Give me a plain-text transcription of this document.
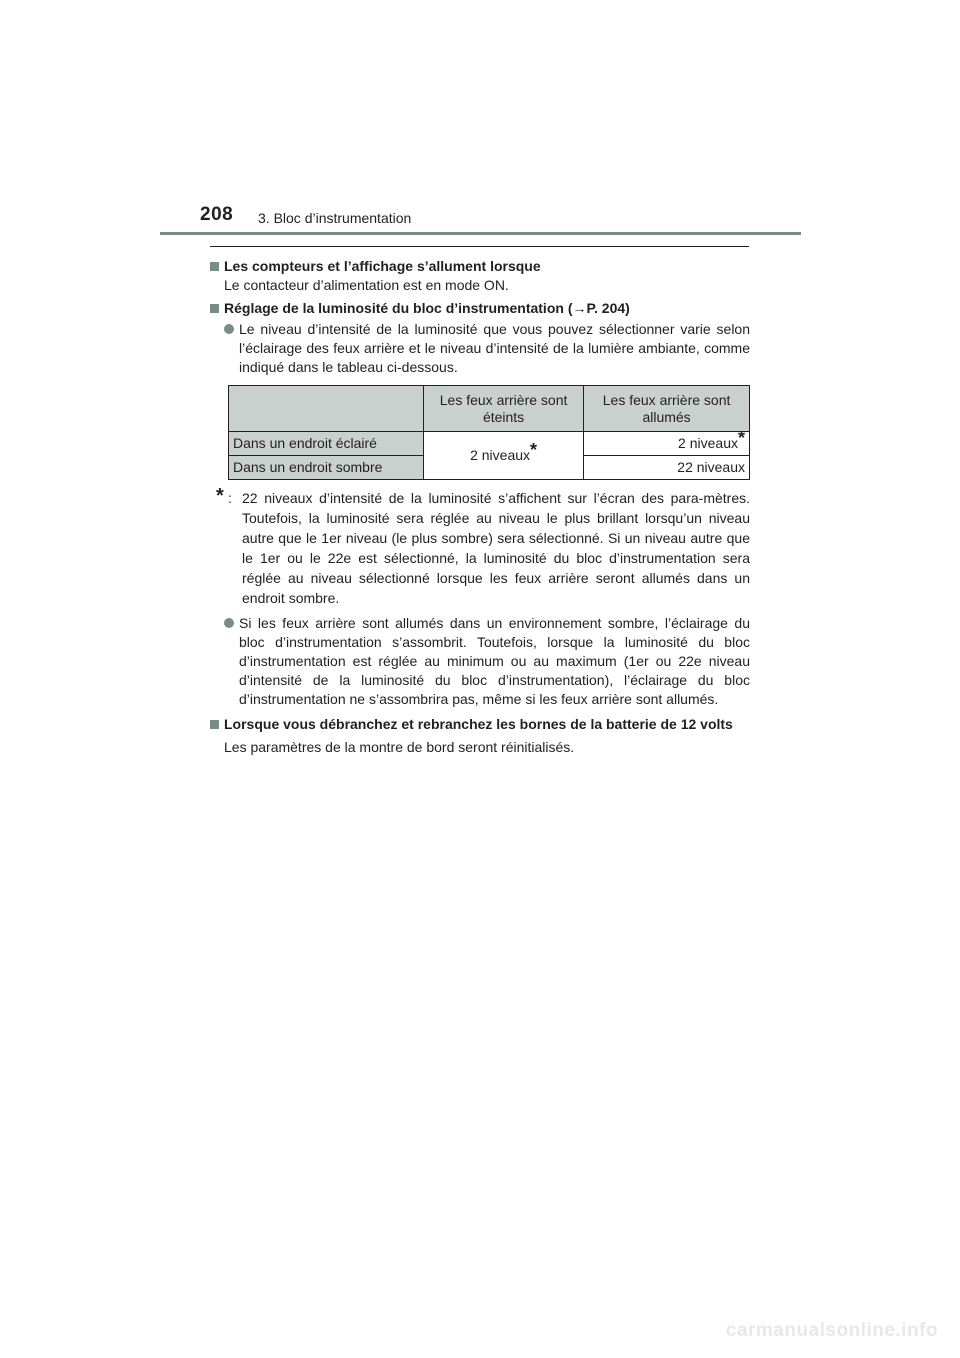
208 3. Bloc d’instrumentation
Les compteurs et l’affichage s’allument lorsque
Le contacteur d’alimentation est en mode ON.
Réglage de la luminosité du bloc d’instrumentation (→P. 204)
Le niveau d’intensité de la luminosité que vous pouvez sélectionner varie selon l’éclairage des feux arrière et le niveau d’intensité de la lumière ambiante, comme indiqué dans le tableau ci-dessous.
	Les feux arrière sont éteints	Les feux arrière sont allumés
Dans un endroit éclairé	2 niveaux*	2 niveaux*
Dans un endroit sombre		22 niveaux
* : 22 niveaux d’intensité de la luminosité s’affichent sur l’écran des para-mètres. Toutefois, la luminosité sera réglée au niveau le plus brillant lorsqu’un niveau autre que le 1er niveau (le plus sombre) sera sélectionné. Si un niveau autre que le 1er ou le 22e est sélectionné, la luminosité du bloc d’instrumentation sera réglée au niveau sélectionné lorsque les feux arrière seront allumés dans un endroit sombre.
Si les feux arrière sont allumés dans un environnement sombre, l’éclairage du bloc d’instrumentation s’assombrit. Toutefois, lorsque la luminosité du bloc d’instrumentation est réglée au minimum ou au maximum (1er ou 22e niveau d’intensité de la luminosité du bloc d’instrumentation), l’éclairage du bloc d’instrumentation ne s’assombrira pas, même si les feux arrière sont allumés.
Lorsque vous débranchez et rebranchez les bornes de la batterie de 12 volts
Les paramètres de la montre de bord seront réinitialisés.
carmanualsonline.info
